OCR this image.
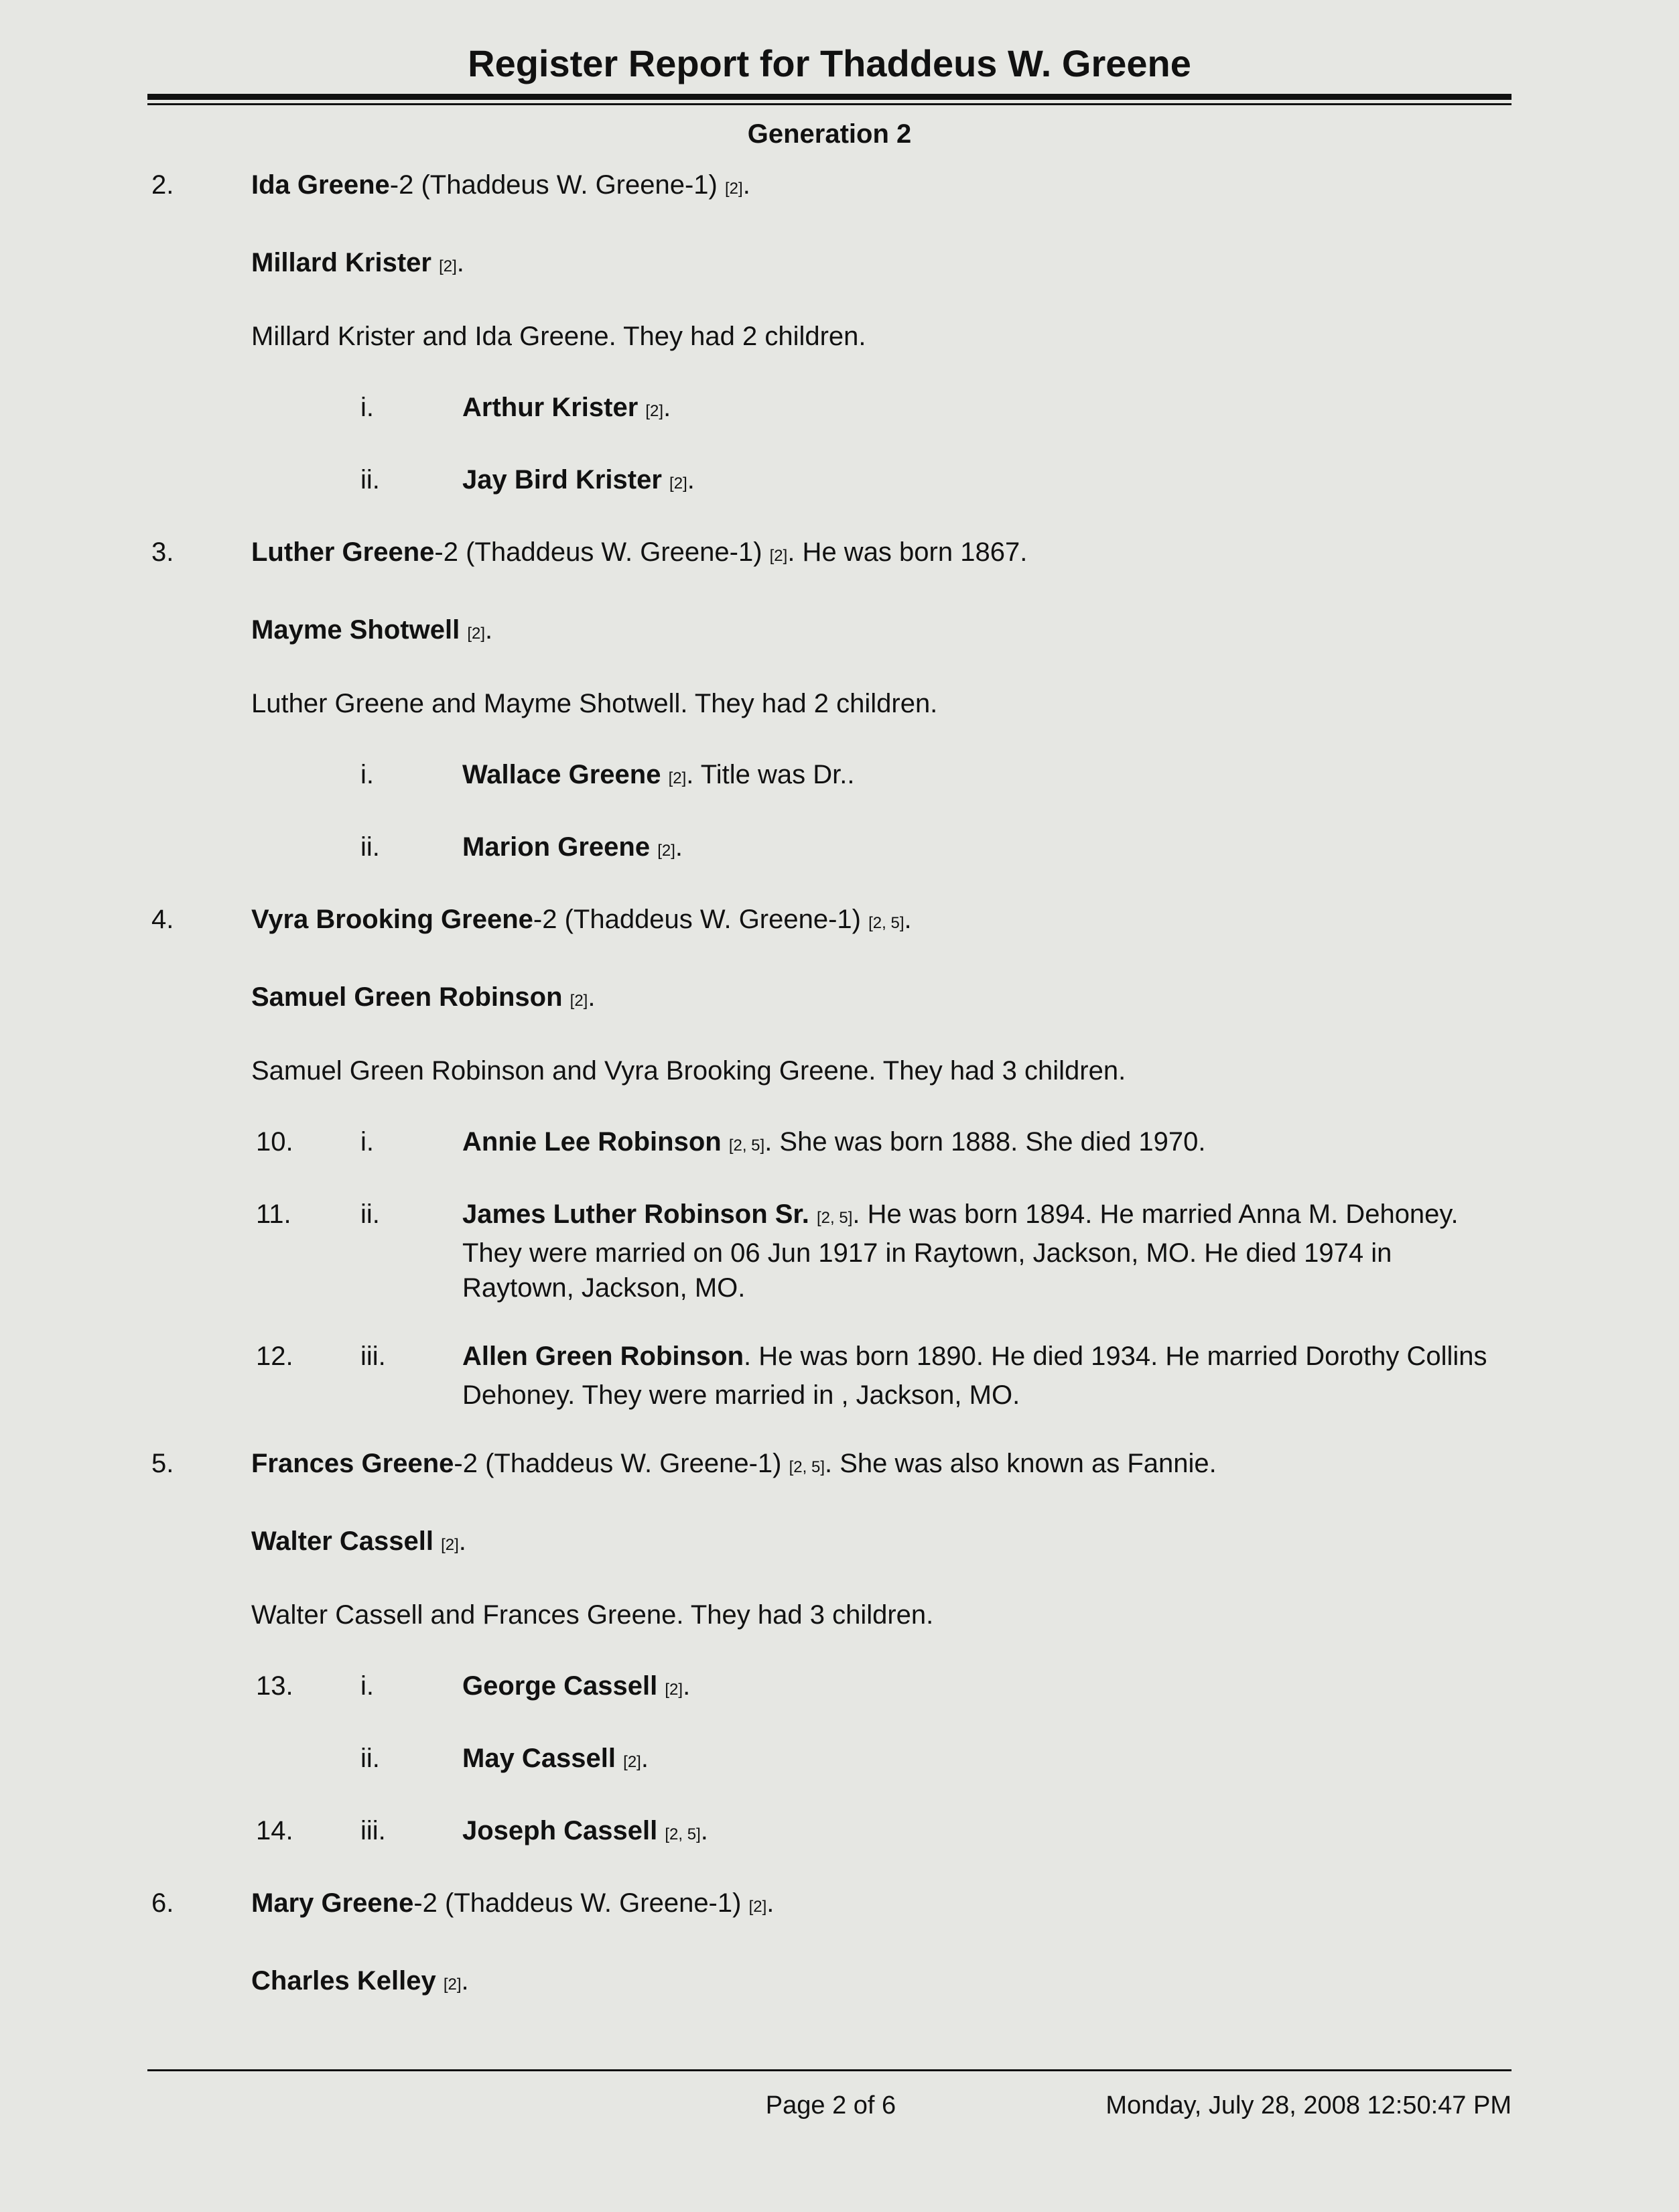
Register Report for Thaddeus W. Greene
Generation 2
2.	Ida Greene-2 (Thaddeus W. Greene-1) [2].
Millard Krister [2].
Millard Krister and Ida Greene. They had 2 children.
i.	Arthur Krister [2].
ii.	Jay Bird Krister [2].
3.	Luther Greene-2 (Thaddeus W. Greene-1) [2]. He was born 1867.
Mayme Shotwell [2].
Luther Greene and Mayme Shotwell. They had 2 children.
i.	Wallace Greene [2]. Title was Dr..
ii.	Marion Greene [2].
4.	Vyra Brooking Greene-2 (Thaddeus W. Greene-1) [2, 5].
Samuel Green Robinson [2].
Samuel Green Robinson and Vyra Brooking Greene. They had 3 children.
10.	i.	Annie Lee Robinson [2, 5]. She was born 1888. She died 1970.
11.	ii.	James Luther Robinson Sr. [2, 5]. He was born 1894. He married Anna M. Dehoney. They were married on 06 Jun 1917 in Raytown, Jackson, MO. He died 1974 in Raytown, Jackson, MO.
12.	iii.	Allen Green Robinson. He was born 1890. He died 1934. He married Dorothy Collins Dehoney. They were married in , Jackson, MO.
5.	Frances Greene-2 (Thaddeus W. Greene-1) [2, 5]. She was also known as Fannie.
Walter Cassell [2].
Walter Cassell and Frances Greene. They had 3 children.
13.	i.	George Cassell [2].
ii.	May Cassell [2].
14.	iii.	Joseph Cassell [2, 5].
6.	Mary Greene-2 (Thaddeus W. Greene-1) [2].
Charles Kelley [2].
Page 2 of 6	Monday, July 28, 2008 12:50:47 PM
